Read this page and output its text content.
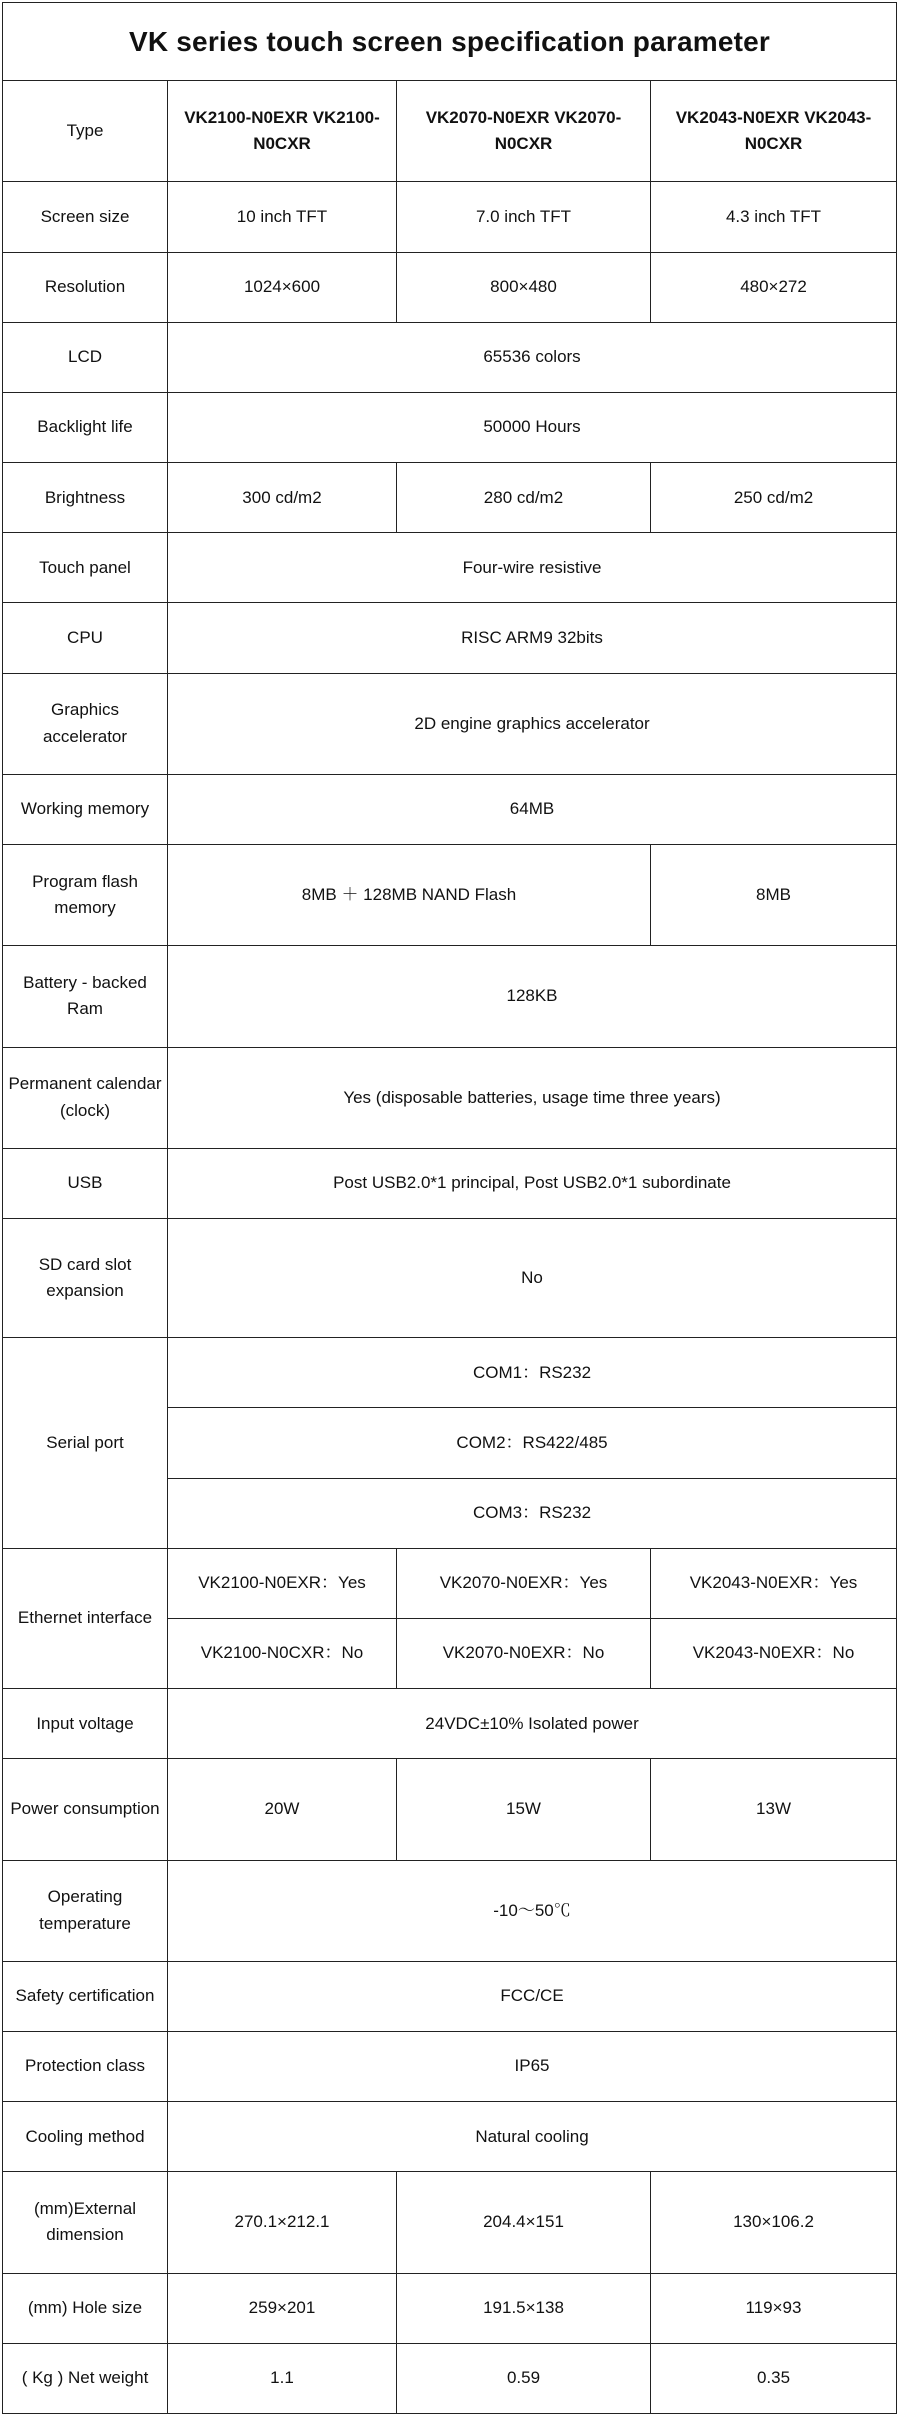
VK series touch screen specification parameter			
Type	VK2100-N0EXR VK2100-N0CXR	VK2070-N0EXR VK2070-N0CXR	VK2043-N0EXR VK2043-N0CXR
Screen size	10 inch TFT	7.0 inch TFT	4.3 inch TFT
Resolution	1024×600	800×480	480×272
LCD	65536 colors		
Backlight life	50000 Hours		
Brightness	300 cd/m2	280 cd/m2	250 cd/m2
Touch panel	Four-wire resistive		
CPU	RISC ARM9 32bits		
Graphics accelerator	2D engine graphics accelerator		
Working memory	64MB		
Program flash memory	8MB ＋ 128MB NAND Flash		8MB
Battery - backed Ram	128KB		
Permanent calendar (clock)	Yes (disposable batteries, usage time three years)		
USB	Post USB2.0*1 principal, Post USB2.0*1 subordinate		
SD card slot expansion	No		
Serial port	COM1：RS232		
	COM2：RS422/485		
	COM3：RS232		
Ethernet interface	VK2100-N0EXR：Yes	VK2070-N0EXR：Yes	VK2043-N0EXR：Yes
	VK2100-N0CXR：No	VK2070-N0EXR：No	VK2043-N0EXR：No
Input voltage	24VDC±10% Isolated power		
Power consumption	20W	15W	13W
Operating temperature	-10～50℃		
Safety certification	FCC/CE		
Protection class	IP65		
Cooling method	Natural cooling		
(mm)External dimension	270.1×212.1	204.4×151	130×106.2
(mm) Hole size	259×201	191.5×138	119×93
( Kg ) Net weight	1.1	0.59	0.35
